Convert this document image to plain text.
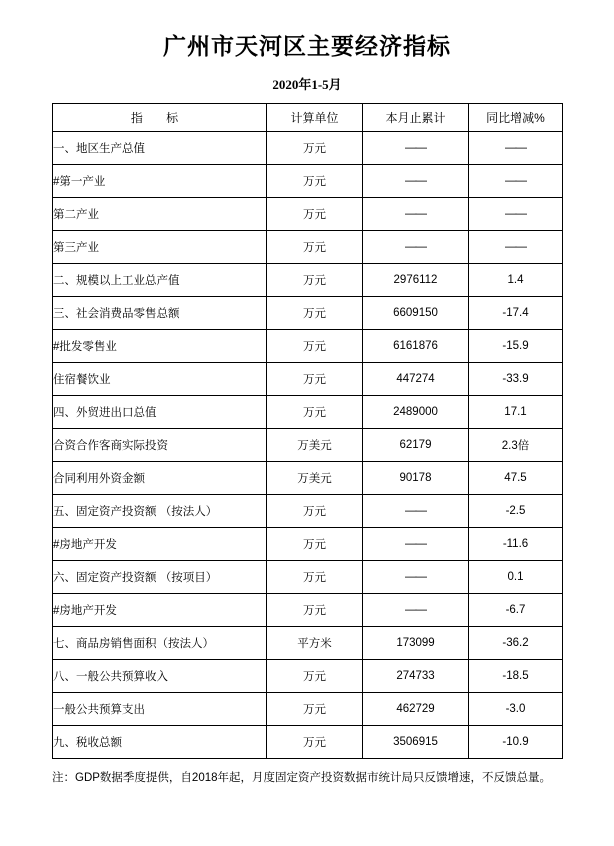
广州市天河区主要经济指标
2020年1-5月
指 标	计算单位	本月止累计	同比增减%
一、地区生产总值	万元	——	——
#第一产业	万元	——	——
第二产业	万元	——	——
第三产业	万元	——	——
二、规模以上工业总产值	万元	2976112	1.4
三、社会消费品零售总额	万元	6609150	-17.4
#批发零售业	万元	6161876	-15.9
住宿餐饮业	万元	447274	-33.9
四、外贸进出口总值	万元	2489000	17.1
合资合作客商实际投资	万美元	62179	2.3倍
合同利用外资金额	万美元	90178	47.5
五、固定资产投资额 （按法人）	万元	——	-2.5
#房地产开发	万元	——	-11.6
六、固定资产投资额 （按项目）	万元	——	0.1
#房地产开发	万元	——	-6.7
七、商品房销售面积（按法人）	平方米	173099	-36.2
八、一般公共预算收入	万元	274733	-18.5
一般公共预算支出	万元	462729	-3.0
九、税收总额	万元	3506915	-10.9
注：GDP数据季度提供，自2018年起，月度固定资产投资数据市统计局只反馈增速，不反馈总量。
